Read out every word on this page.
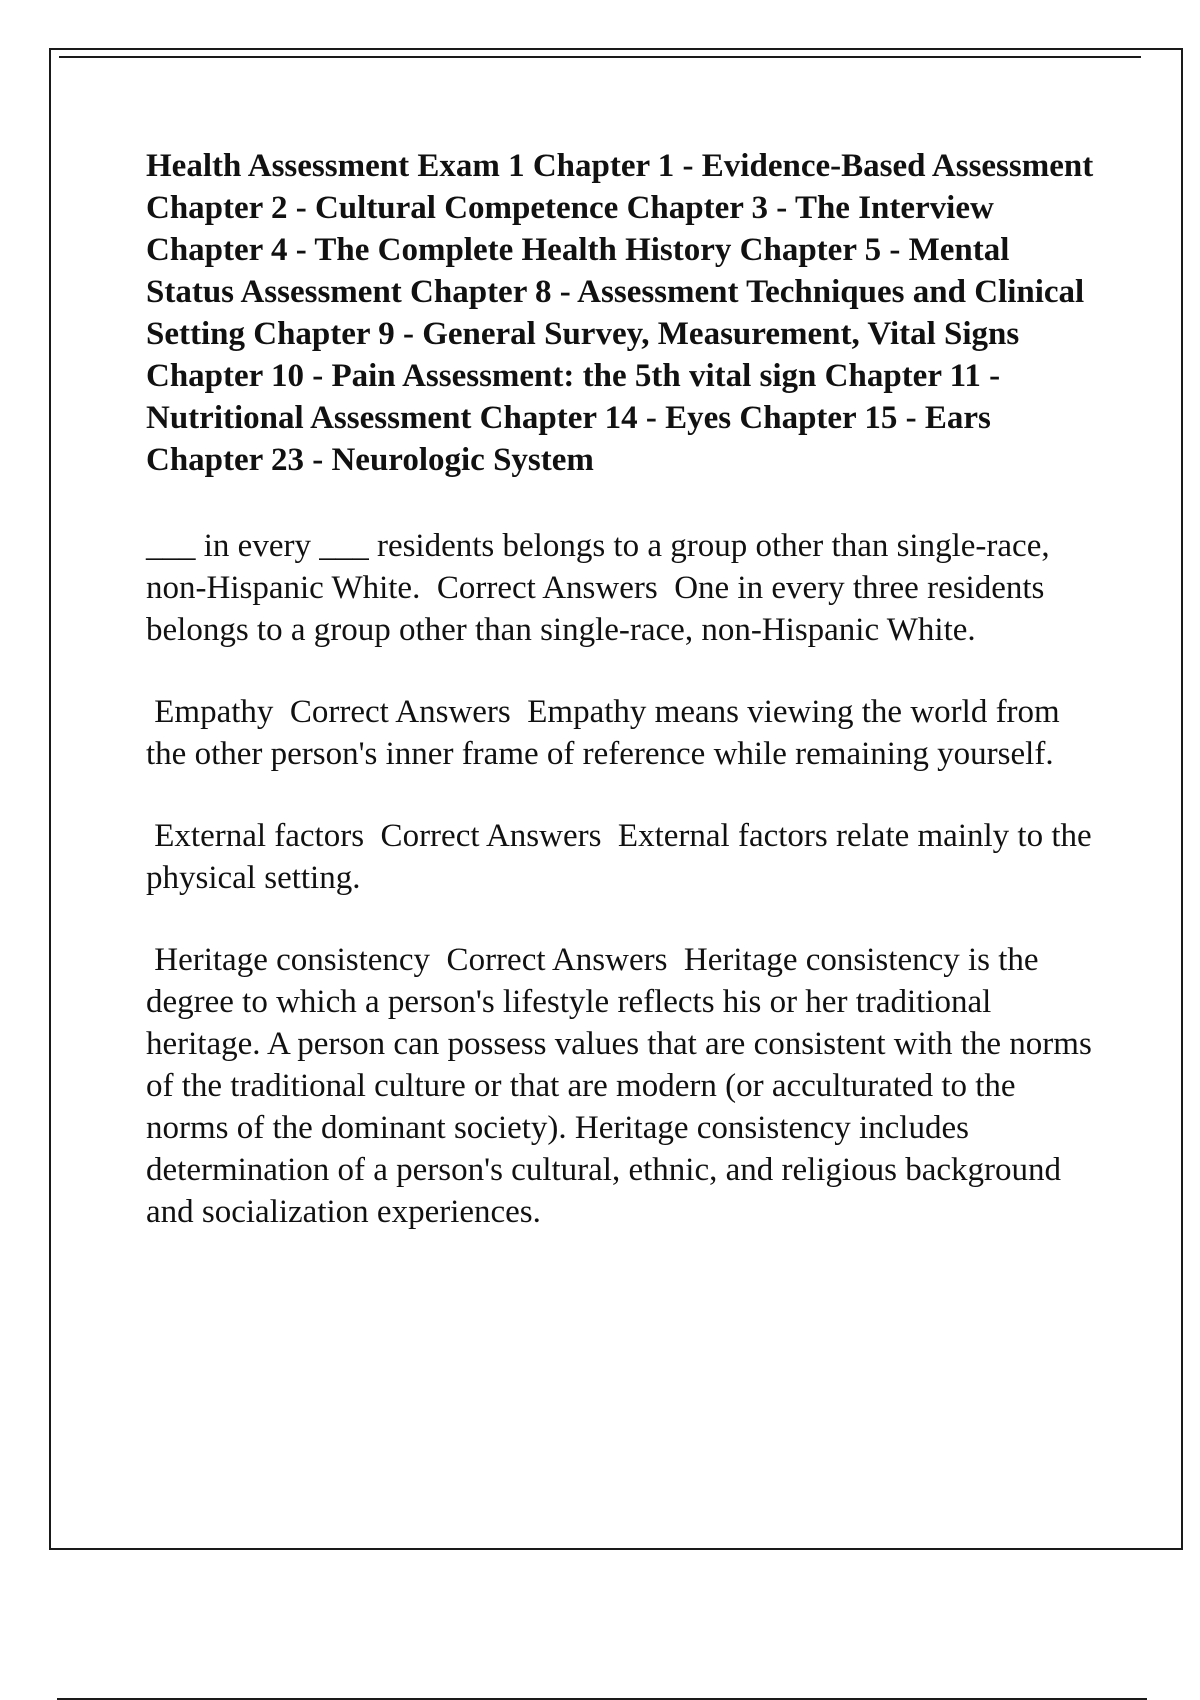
Health Assessment Exam 1 Chapter 1 - Evidence-Based Assessment Chapter 2 - Cultural Competence Chapter 3 - The Interview Chapter 4 - The Complete Health History Chapter 5 - Mental Status Assessment Chapter 8 - Assessment Techniques and Clinical Setting Chapter 9 - General Survey, Measurement, Vital Signs Chapter 10 - Pain Assessment: the 5th vital sign Chapter 11 - Nutritional Assessment Chapter 14 - Eyes Chapter 15 - Ears Chapter 23 - Neurologic System

___ in every ___ residents belongs to a group other than single-race, non-Hispanic White.  Correct Answers  One in every three residents belongs to a group other than single-race, non-Hispanic White.

Empathy  Correct Answers  Empathy means viewing the world from the other person's inner frame of reference while remaining yourself.

External factors  Correct Answers  External factors relate mainly to the physical setting.

Heritage consistency  Correct Answers  Heritage consistency is the degree to which a person's lifestyle reflects his or her traditional heritage. A person can possess values that are consistent with the norms of the traditional culture or that are modern (or acculturated to the norms of the dominant society). Heritage consistency includes determination of a person's cultural, ethnic, and religious background and socialization experiences.
